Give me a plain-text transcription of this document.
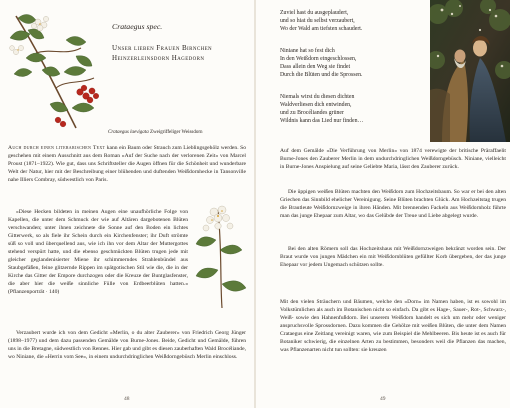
Crataegus spec.
Unser lieben Frauen Birnchen Heinzerleinsdorn Hagedorn
Crataegus laevigata Zweigriffeliger Weissdorn

Auch durch einen literarischen Text kann ein Baum oder Strauch zum Lieblingsgehölz werden. So geschehen mit einem Ausschnitt aus dem Roman »Auf der Suche nach der verlorenen Zeit« von Marcel Proust (1871–1922). Wie gut, dass uns Schriftsteller die Augen öffnen für die Schönheit und wunderbare Welt der Natur, hier mit der Beschreibung einer blühenden und duftenden Weißdornhecke in Tansonville nahe Illiers Combray, südwestlich von Paris.

»Diese Hecken bildeten in meinen Augen eine unaufhörliche Folge von Kapellen, die unter dem Schmuck der wie auf Altären dargebotenen Blüten verschwanden; unter ihnen zeichnete die Sonne auf den Boden ein lichtes Gitterwerk, so als fiele ihr Schein durch ein Kirchenfenster; ihr Duft strömte süß so voll und überquellend aus, wie ich ihn vor dem Altar der Muttergottes stehend verspürt hatte, und die ebenso geschmückten Blüten trugen jede mit gleicher geglandenisierter Miene ihr schimmerndes Strahlenbündel aus Staubgefäßen, feine glitzernde Rippen im spätgotischen Stil wie die, die in der Kirche das Gitter der Empore durchzogen oder die Kreuze der Buntglasfenster, die aber hier die weiße sinnliche Fülle von Erdbeerblüten hatten.« (Pflanzenporträt · 140)

Verzaubert wurde ich von dem Gedicht »Merlin, o du alter Zauberer« von Friedrich Georg Jünger (1898–1977) und dem dazu passenden Gemälde von Burne-Jones. Beide, Gedicht und Gemälde, führen uns in die Bretagne, südwestlich von Rennes. Hier gab und gibt es diesen zauberhaften Wald Brocéliande, wo Niniane, die »Herrin vom See«, in einem undurchdringlichen Weißdorngebüsch Merlin einschloss.

48
Zuviel hast du ausgeplaudert,
und so hiat du selbst verzaubert,
Wo der Wald am tiefsten schaudert.
Niniane hat so fest dich
In den Weißdorn eingeschlossen,
Dass allein den Weg sie findet
Durch die Blüten und die Sprossen.
Niemals wirst du diesen dichten
Waldverliesen dich entwinden,
und zu Brocéliandes grüner
Wildnis kann das Lied nur finden…

Auf dem Gemälde »Die Verführung von Merlin« von 1874 verewigte der britische Präraffaelit Burne-Jones den Zauberer Merlin in dem undurchdringlichen Weißdorngebüsch. Niniane, vielleicht in Burne-Jones Anspielung auf seine Geliebte Maria, lässt den Zauberer zurück.

Die üppigen weißen Blüten machten den Weißdorn zum Hochzeitsbaum. So war er bei den alten Griechen das Sinnbild ehelicher Vereinigung. Seine Blüten brachten Glück. Am Hochzeitstag trugen die Brautleute Weißdornzweige in ihren Händen. Mit brennenden Fackeln aus Weißdornholz führte man das junge Ehepaar zum Altar, wo das Gelübde der Treue und Liebe abgelegt wurde.

Bei den alten Römern soll das Hochzeitshaus mit Weißdornzweigen bekränzt worden sein. Der Braut wurde von jungen Mädchen ein mit Weißdornblüten gefüllter Korb übergeben, der das junge Ehepaar vor jedem Ungemach schützen sollte.

Mit den vielen Sträuchern und Bäumen, welche den »Dorn« im Namen haben, ist es sowohl im Volkstümlichen als auch im Botanischen nicht so einfach. Da gibt es Hage-, Sauer-, Rot-, Schwarz-, Weiß- sowie den Hahnenfußdorn. Bei unserem Weißdorn handelt es sich um mehr oder weniger anspruchsvolle Sprossdornen. Dazu kommen die Gehölze mit weißen Blüten, die unter dem Namen Crataegus eine Zeitlang vereinigt waren, wie zum Beispiel die Mehlbeeren. Bis heute ist es auch für Botaniker schwierig, die einzelnen Arten zu bestimmen, besonders weil die Pflanzen das machen, was Pflanzenarten nicht tun sollten: sie kreuzen

49
